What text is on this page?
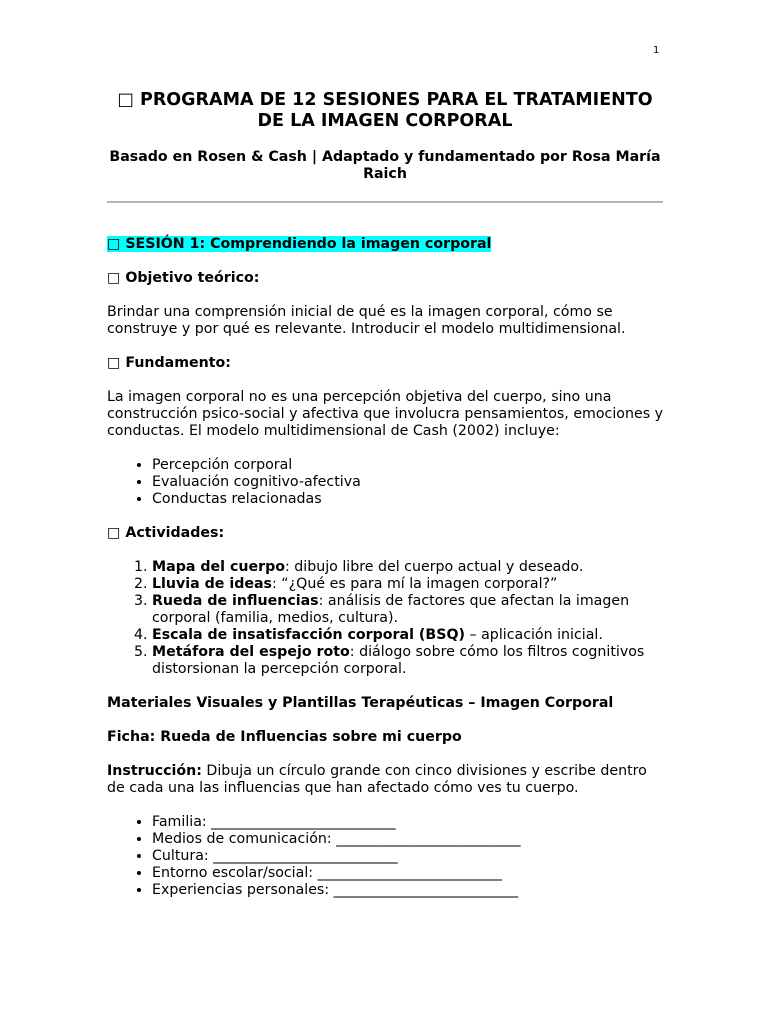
1
□ PROGRAMA DE 12 SESIONES PARA EL TRATAMIENTO DE LA IMAGEN CORPORAL

Basado en Rosen & Cash | Adaptado y fundamentado por Rosa María Raich

□ SESIÓN 1: Comprendiendo la imagen corporal

□ Objetivo teórico:

Brindar una comprensión inicial de qué es la imagen corporal, cómo se construye y por qué es relevante. Introducir el modelo multidimensional.

□ Fundamento:

La imagen corporal no es una percepción objetiva del cuerpo, sino una construcción psico-social y afectiva que involucra pensamientos, emociones y conductas. El modelo multidimensional de Cash (2002) incluye:

• Percepción corporal
• Evaluación cognitivo-afectiva
• Conductas relacionadas

□ Actividades:

1. Mapa del cuerpo: dibujo libre del cuerpo actual y deseado.
2. Lluvia de ideas: “¿Qué es para mí la imagen corporal?”
3. Rueda de influencias: análisis de factores que afectan la imagen corporal (familia, medios, cultura).
4. Escala de insatisfacción corporal (BSQ) – aplicación inicial.
5. Metáfora del espejo roto: diálogo sobre cómo los filtros cognitivos distorsionan la percepción corporal.

Materiales Visuales y Plantillas Terapéuticas – Imagen Corporal

Ficha: Rueda de Influencias sobre mi cuerpo

Instrucción: Dibuja un círculo grande con cinco divisiones y escribe dentro de cada una las influencias que han afectado cómo ves tu cuerpo.

• Familia: __________________________
• Medios de comunicación: __________________________
• Cultura: __________________________
• Entorno escolar/social: __________________________
• Experiencias personales: __________________________
